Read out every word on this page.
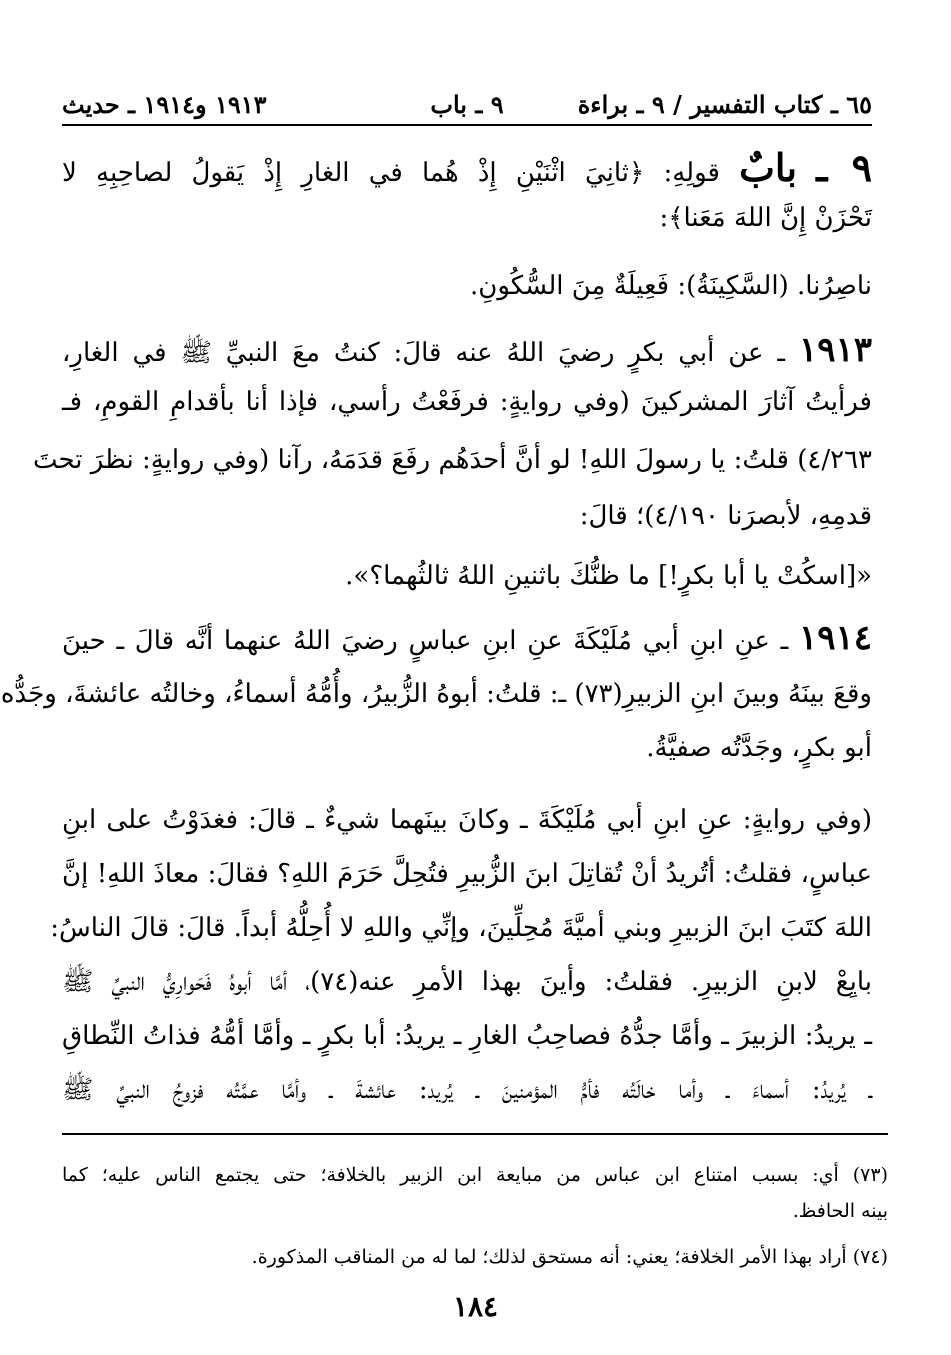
٦٥ ـ كتاب التفسير / ٩ ـ براءة
٩ ـ باب
١٩١٣ و١٩١٤ ـ حديث
٩ ـ بابٌ قولِهِ: ﴿ثانِيَ اثْنَيْنِ إِذْ هُما في الغارِ إِذْ يَقولُ لصاحِبِهِ لا
تَحْزَنْ إِنَّ اللهَ مَعَنا﴾:
ناصِرُنا. (السَّكِينَةُ): فَعِيلَةٌ مِنَ السُّكُونِ.
١٩١٣ ـ عن أبي بكرٍ رضيَ اللهُ عنه قالَ: كنتُ معَ النبيِّ ﷺ في الغارِ،
فرأيتُ آثارَ المشركينَ (وفي روايةٍ: فرفَعْتُ رأسي، فإذا أنا بأقدامِ القومِ، فـ
٤/٢٦٣) قلتُ: يا رسولَ اللهِ! لو أنَّ أحدَهُم رفَعَ قدَمَهُ، رآنا (وفي روايةٍ: نظرَ تحتَ
قدمِهِ، لأبصرَنا ٤/١٩٠)؛ قالَ:
«[اسكُتْ يا أبا بكرٍ!] ما ظنُّكَ باثنينِ اللهُ ثالثُهما؟».
١٩١٤ ـ عنِ ابنِ أبي مُلَيْكَةَ عنِ ابنِ عباسٍ رضيَ اللهُ عنهما أنَّه قالَ ـ حينَ
وقعَ بينَهُ وبينَ ابنِ الزبيرِ(٧٣) ـ: قلتُ: أبوهُ الزُّبيرُ، وأُمُّهُ أسماءُ، وخالتُه عائشةَ، وجَدُّه
أبو بكرٍ، وجَدَّتُه صفيَّةُ.
(وفي روايةٍ: عنِ ابنِ أبي مُلَيْكَةَ ـ وكانَ بينَهما شيءٌ ـ قالَ: فغدَوْتُ على ابنِ
عباسٍ، فقلتُ: أتُريدُ أنْ تُقاتِلَ ابنَ الزُّبيرِ فتُحِلَّ حَرَمَ اللهِ؟ فقالَ: معاذَ اللهِ! إنَّ
اللهَ كتَبَ ابنَ الزبيرِ وبني أميَّةَ مُحِلِّينَ، وإنِّي واللهِ لا أُحِلُّهُ أبداً. قالَ: قالَ الناسُ:
بايِعْ لابنِ الزبيرِ. فقلتُ: وأينَ بهذا الأمرِ عنه(٧٤)، أمَّا أبوهُ فَحَوارِيُّ النبيِّ ﷺ
ـ يريدُ: الزبيرَ ـ وأمَّا جدُّهُ فصاحِبُ الغارِ ـ يريدُ: أبا بكرٍ ـ وأمَّا أمُّهُ فذاتُ النِّطاقِ
ـ يُريدُ: أسماءَ ـ وأما خالَتُه فأمُّ المؤمنينَ ـ يُريد: عائشةَ ـ وأمَّا عمَّتُه فزوجُ النبيِّ ﷺ
(٧٣) أي: بسبب امتناع ابن عباس من مبايعة ابن الزبير بالخلافة؛ حتى يجتمع الناس عليه؛ كما
بينه الحافظ.
(٧٤) أراد بهذا الأمر الخلافة؛ يعني: أنه مستحق لذلك؛ لما له من المناقب المذكورة.
١٨٤
